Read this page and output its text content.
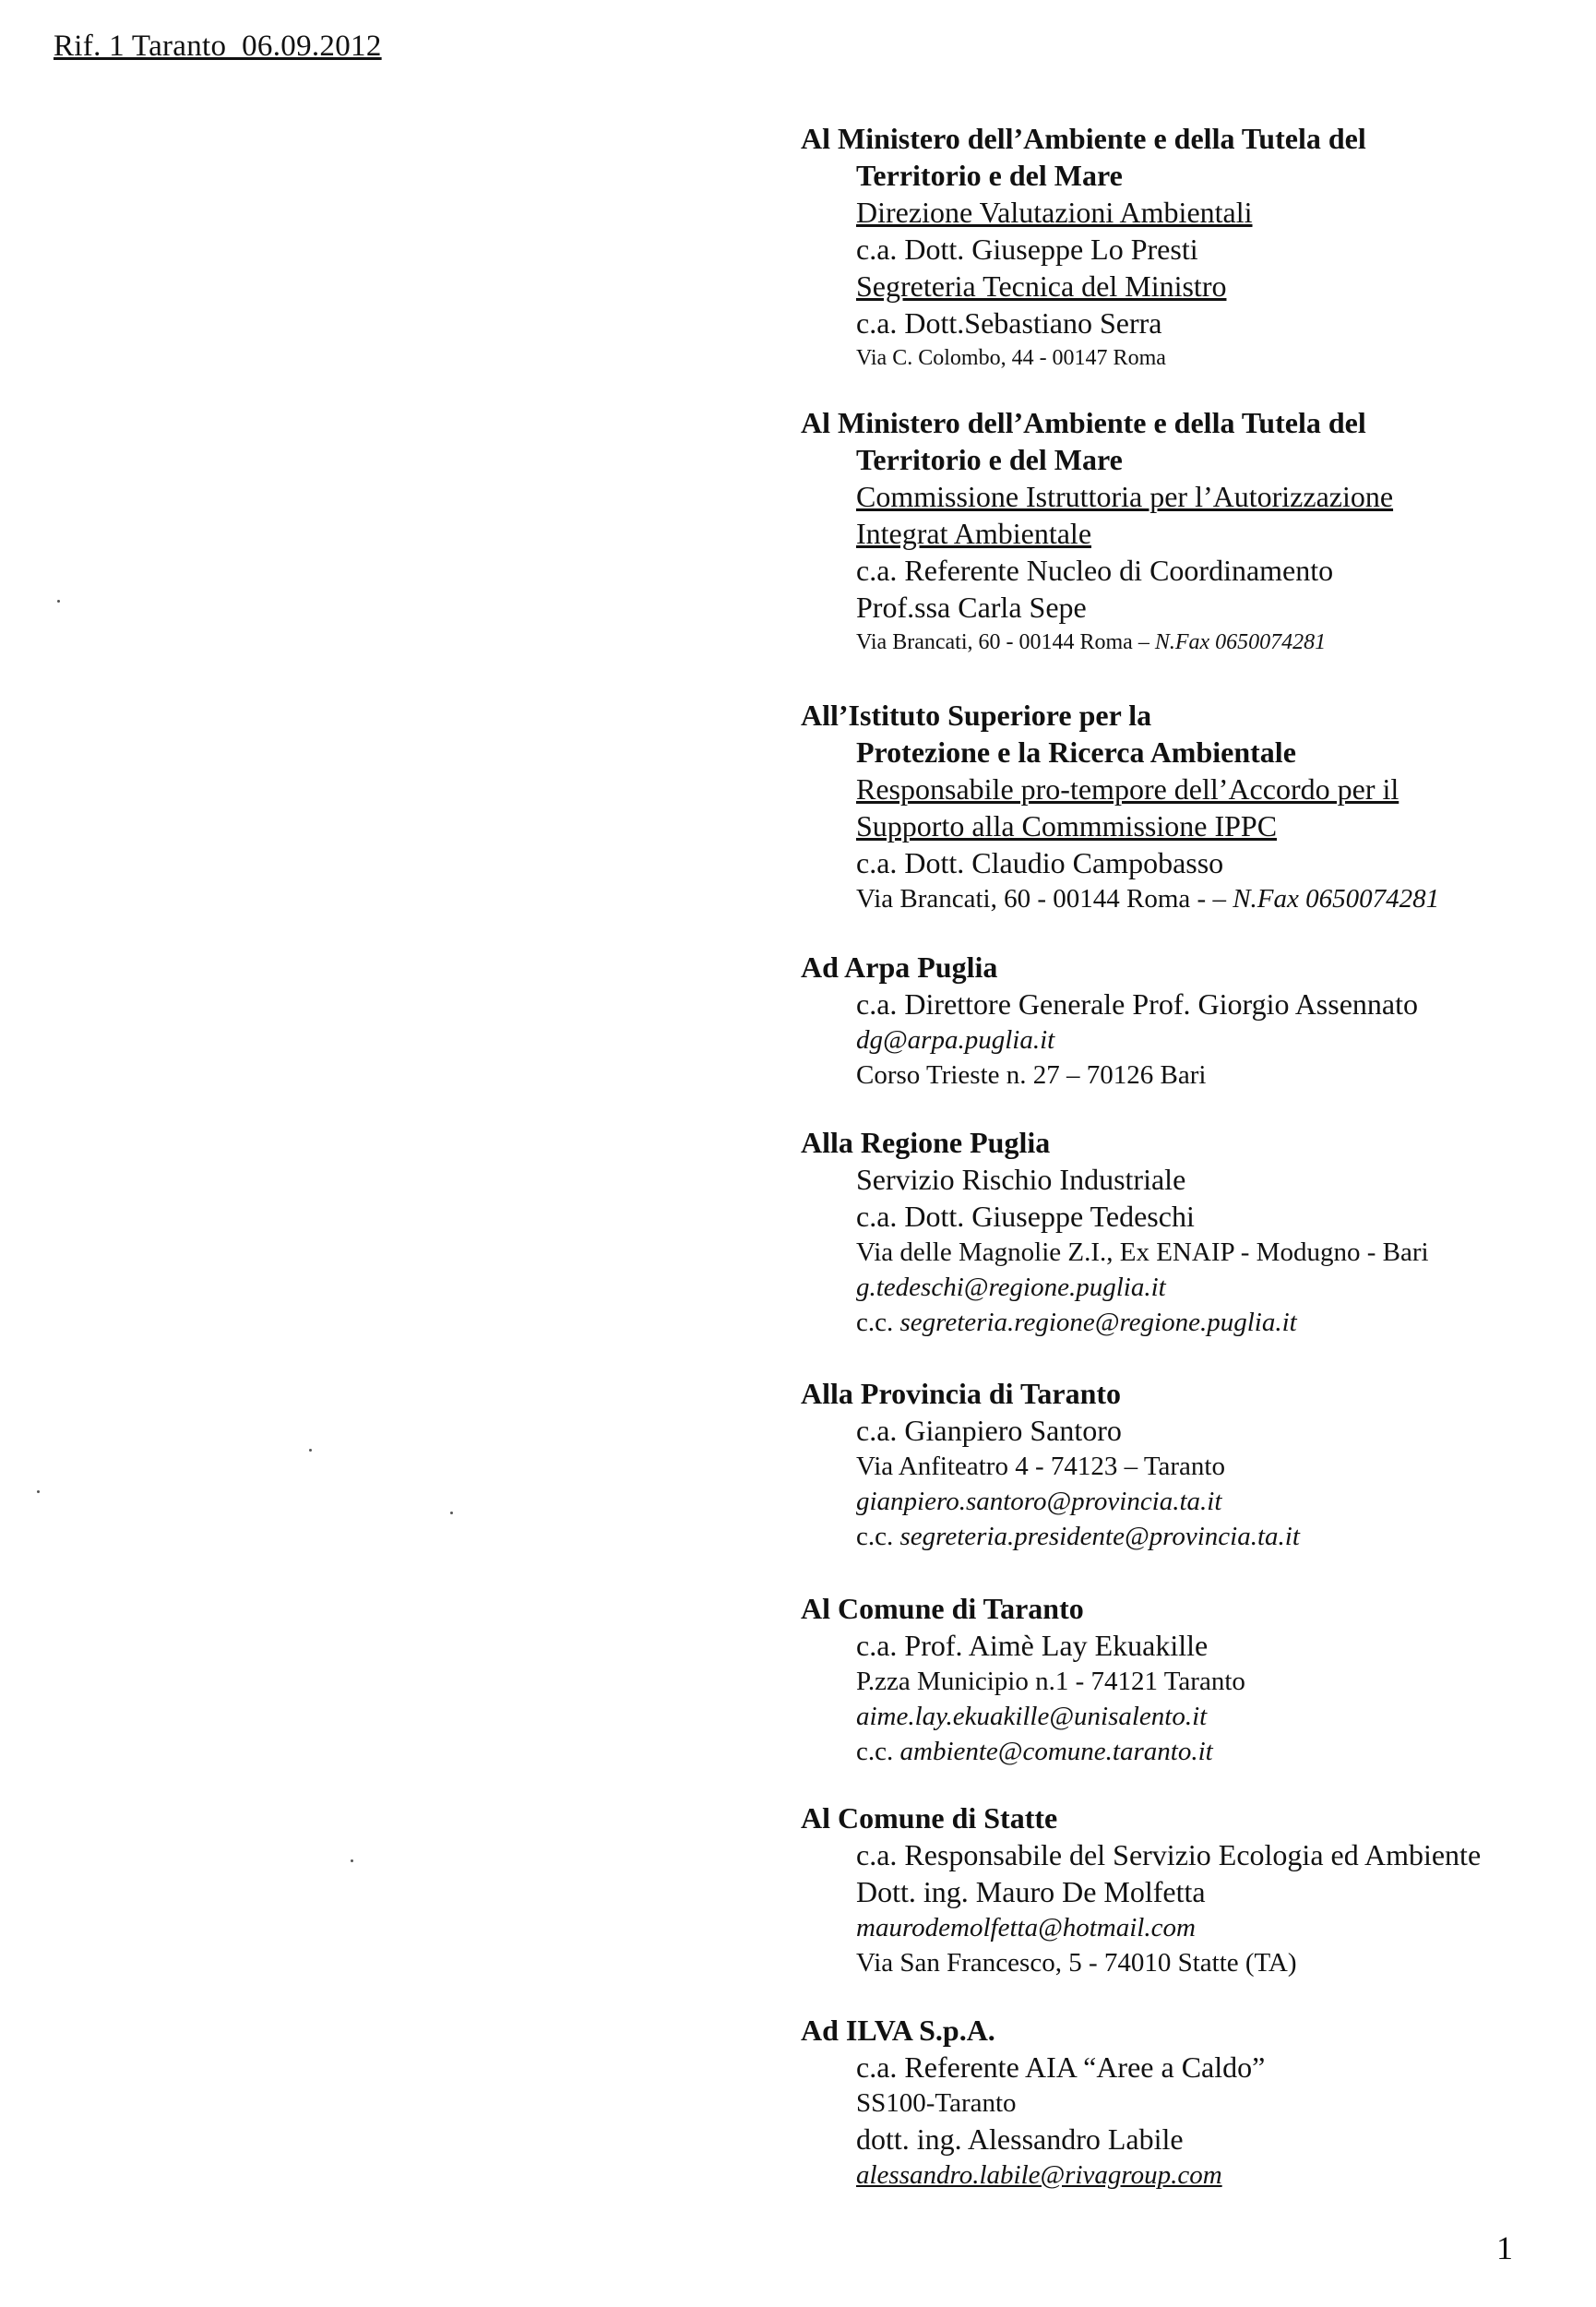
Rif. 1 Taranto_06.09.2012
Al Ministero dell’Ambiente e della Tutela del
Territorio e del Mare
Direzione Valutazioni Ambientali
c.a. Dott. Giuseppe Lo Presti
Segreteria Tecnica del Ministro
c.a. Dott.Sebastiano Serra
Via C. Colombo, 44 - 00147 Roma
Al Ministero dell’Ambiente e della Tutela del
Territorio e del Mare
Commissione Istruttoria per l’Autorizzazione
Integrat Ambientale
c.a. Referente Nucleo di Coordinamento
Prof.ssa Carla Sepe
Via Brancati, 60 - 00144 Roma – N.Fax 0650074281
All’Istituto Superiore per la
Protezione e la Ricerca Ambientale
Responsabile pro-tempore dell’Accordo per il
Supporto alla Commmissione IPPC
c.a. Dott. Claudio Campobasso
Via Brancati, 60 - 00144 Roma - – N.Fax 0650074281
Ad Arpa Puglia
c.a. Direttore Generale Prof. Giorgio Assennato
dg@arpa.puglia.it
Corso Trieste n. 27 – 70126 Bari
Alla Regione Puglia
Servizio Rischio Industriale
c.a. Dott. Giuseppe Tedeschi
Via delle Magnolie Z.I., Ex ENAIP - Modugno - Bari
g.tedeschi@regione.puglia.it
c.c. segreteria.regione@regione.puglia.it
Alla Provincia di Taranto
c.a. Gianpiero Santoro
Via Anfiteatro 4 - 74123 – Taranto
gianpiero.santoro@provincia.ta.it
c.c. segreteria.presidente@provincia.ta.it
Al Comune di Taranto
c.a. Prof. Aimè Lay Ekuakille
P.zza Municipio n.1 - 74121 Taranto
aime.lay.ekuakille@unisalento.it
c.c. ambiente@comune.taranto.it
Al Comune di Statte
c.a. Responsabile del Servizio Ecologia ed Ambiente
Dott. ing. Mauro De Molfetta
maurodemolfetta@hotmail.com
Via San Francesco, 5 - 74010 Statte (TA)
Ad ILVA S.p.A.
c.a. Referente AIA “Aree a Caldo”
SS100-Taranto
dott. ing. Alessandro Labile
alessandro.labile@rivagroup.com
1
